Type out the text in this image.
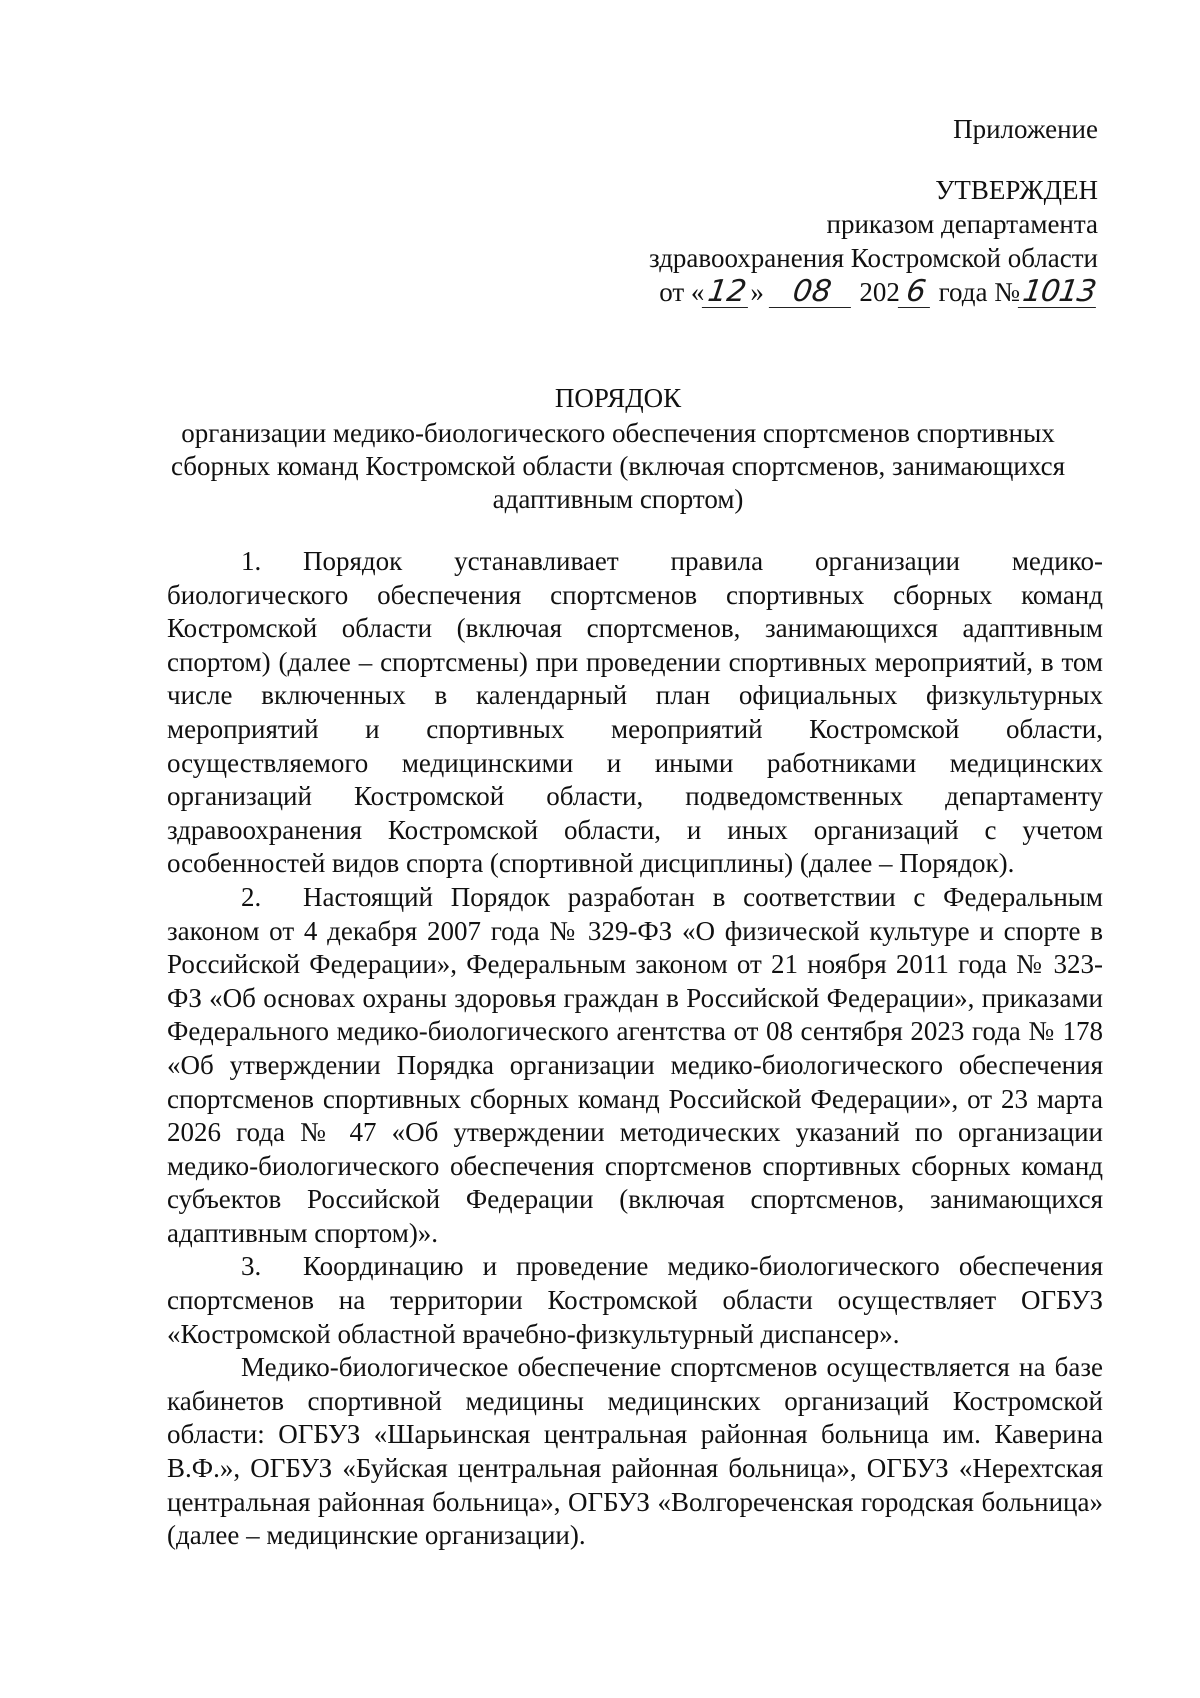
Приложение
УТВЕРЖДЕН
приказом департамента
здравоохранения Костромской области
от «12» 08 202 6 года №1013
ПОРЯДОК
организации медико-биологического обеспечения спортсменов спортивных сборных команд Костромской области (включая спортсменов, занимающихся адаптивным спортом)

1. Порядок устанавливает правила организации медико-биологического обеспечения спортсменов спортивных сборных команд Костромской области (включая спортсменов, занимающихся адаптивным спортом) (далее – спортсмены) при проведении спортивных мероприятий, в том числе включенных в календарный план официальных физкультурных мероприятий и спортивных мероприятий Костромской области, осуществляемого медицинскими и иными работниками медицинских организаций Костромской области, подведомственных департаменту здравоохранения Костромской области, и иных организаций с учетом особенностей видов спорта (спортивной дисциплины) (далее – Порядок).

2. Настоящий Порядок разработан в соответствии с Федеральным законом от 4 декабря 2007 года № 329-ФЗ «О физической культуре и спорте в Российской Федерации», Федеральным законом от 21 ноября 2011 года № 323-ФЗ «Об основах охраны здоровья граждан в Российской Федерации», приказами Федерального медико-биологического агентства от 08 сентября 2023 года № 178 «Об утверждении Порядка организации медико-биологического обеспечения спортсменов спортивных сборных команд Российской Федерации», от 23 марта 2026 года № 47 «Об утверждении методических указаний по организации медико-биологического обеспечения спортсменов спортивных сборных команд субъектов Российской Федерации (включая спортсменов, занимающихся адаптивным спортом)».

3. Координацию и проведение медико-биологического обеспечения спортсменов на территории Костромской области осуществляет ОГБУЗ «Костромской областной врачебно-физкультурный диспансер».

Медико-биологическое обеспечение спортсменов осуществляется на базе кабинетов спортивной медицины медицинских организаций Костромской области: ОГБУЗ «Шарьинская центральная районная больница им. Каверина В.Ф.», ОГБУЗ «Буйская центральная районная больница», ОГБУЗ «Нерехтская центральная районная больница», ОГБУЗ «Волгореченская городская больница» (далее – медицинские организации).
